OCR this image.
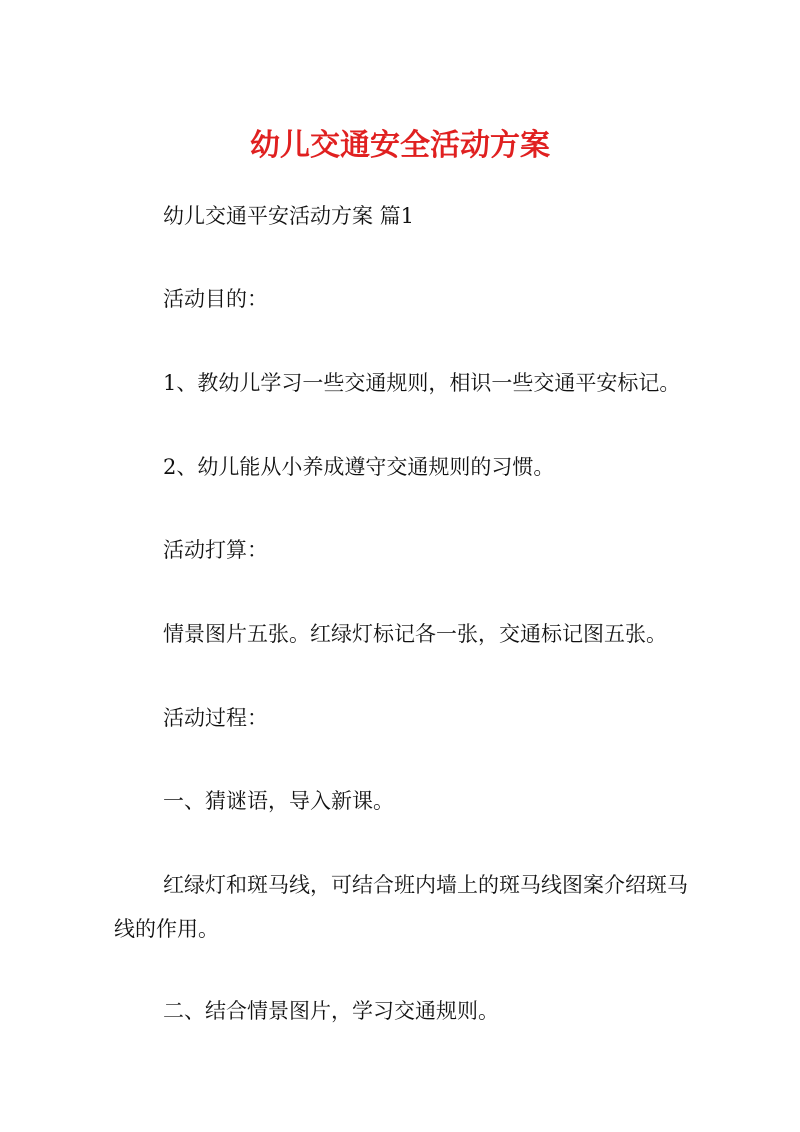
幼儿交通安全活动方案

幼儿交通平安活动方案 篇1

活动目的：

1、教幼儿学习一些交通规则，相识一些交通平安标记。

2、幼儿能从小养成遵守交通规则的习惯。

活动打算：

情景图片五张。红绿灯标记各一张，交通标记图五张。

活动过程：

一、猜谜语，导入新课。

红绿灯和斑马线，可结合班内墙上的斑马线图案介绍斑马线的作用。

二、结合情景图片，学习交通规则。
